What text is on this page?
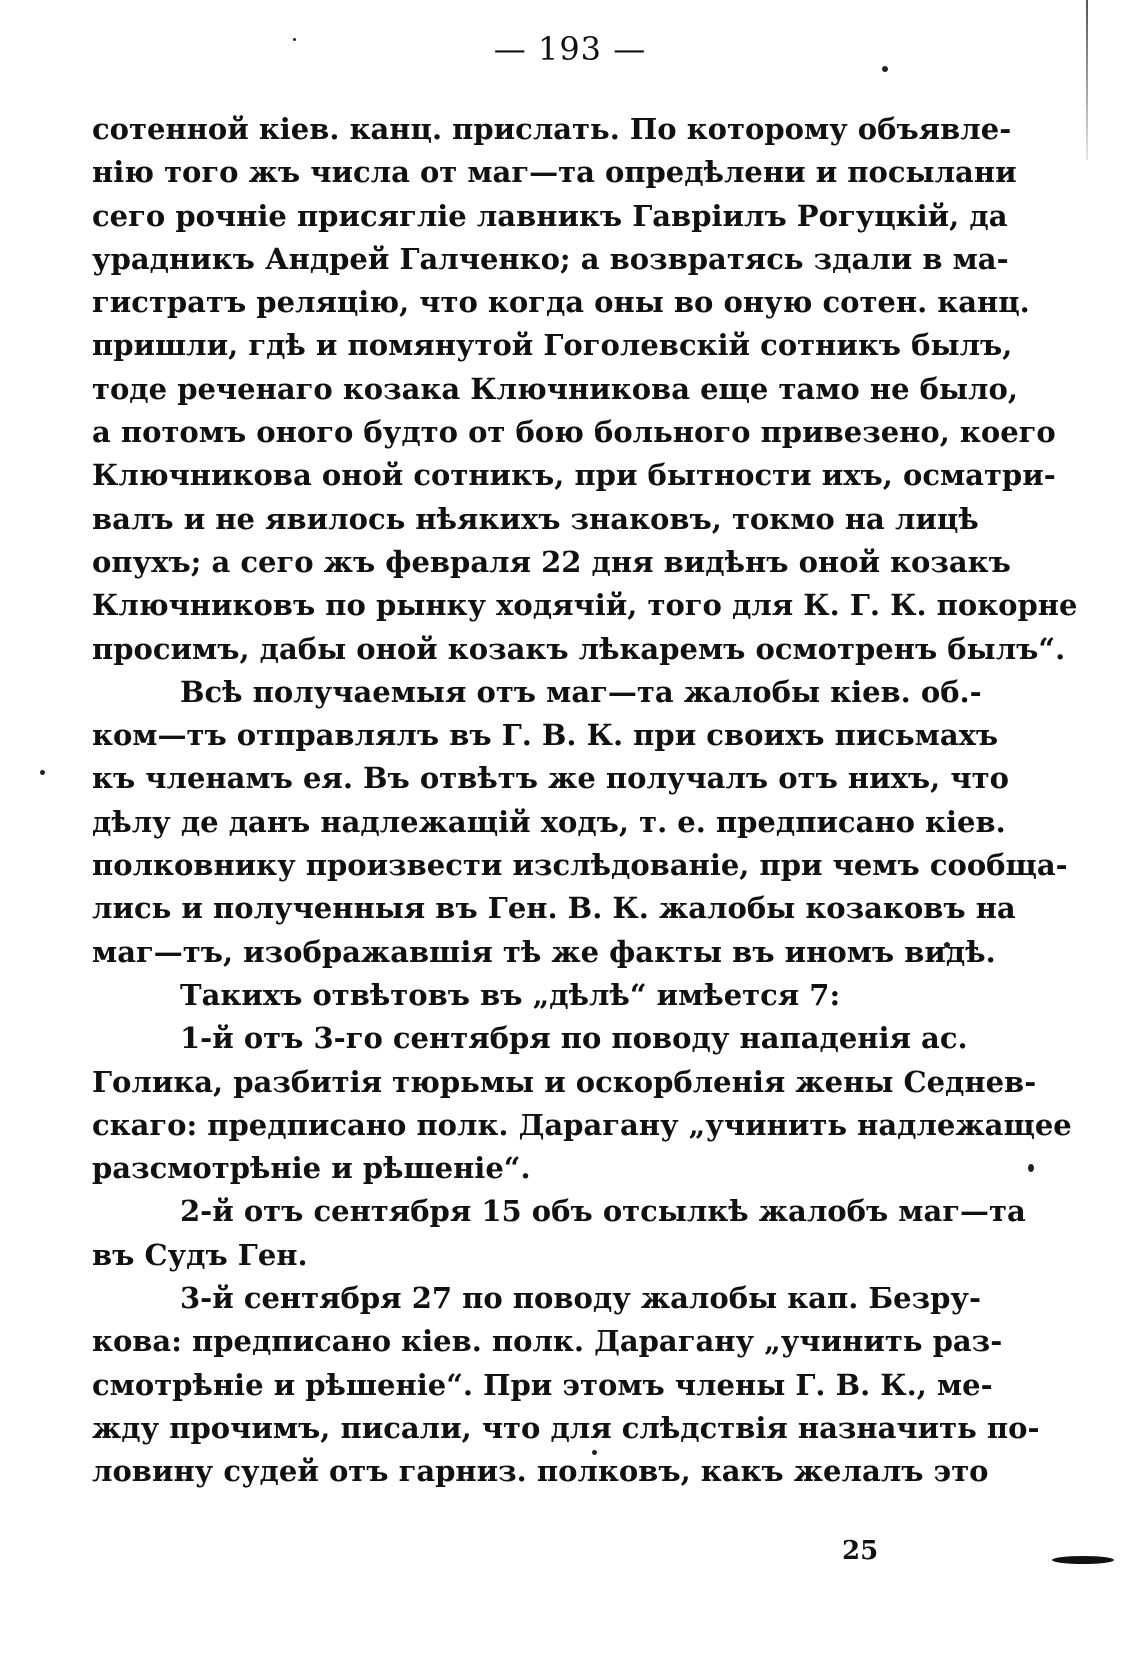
— 193 —
сотенной кіев. канц. прислать. По которому объявле-
нію того жъ числа от маг—та опредѣлени и посылани
сего рочніе присягліе лавникъ Гавріилъ Рогуцкій, да
урадникъ Андрей Галченко; а возвратясь здали в ма-
гистратъ реляцію, что когда оны во оную сотен. канц.
пришли, гдѣ и помянутой Гоголевскій сотникъ былъ,
тоде реченаго козака Ключникова еще тамо не было,
а потомъ оного будто от бою больного привезено, коего
Ключникова оной сотникъ, при бытности ихъ, осматри-
валъ и не явилось нѣякихъ знаковъ, токмо на лицѣ
опухъ; а сего жъ февраля 22 дня видѣнъ оной козакъ
Ключниковъ по рынку ходячій, того для К. Г. К. покорне
просимъ, дабы оной козакъ лѣкаремъ осмотренъ былъ“.
Всѣ получаемыя отъ маг—та жалобы кіев. об.-
ком—тъ отправлялъ въ Г. В. К. при своихъ письмахъ
къ членамъ ея. Въ отвѣтъ же получалъ отъ нихъ, что
дѣлу де данъ надлежащій ходъ, т. е. предписано кіев.
полковнику произвести изслѣдованіе, при чемъ сообща-
лись и полученныя въ Ген. В. К. жалобы козаковъ на
маг—тъ, изображавшія тѣ же факты въ иномъ видѣ.
Такихъ отвѣтовъ въ „дѣлѣ“ имѣется 7:
1-й отъ 3-го сентября по поводу нападенія ас.
Голика, разбитія тюрьмы и оскорбленія жены Седнев-
скаго: предписано полк. Дарагану „учинить надлежащее
разсмотрѣніе и рѣшеніе“.
2-й отъ сентября 15 объ отсылкѣ жалобъ маг—та
въ Судъ Ген.
3-й сентября 27 по поводу жалобы кап. Безру-
кова: предписано кіев. полк. Дарагану „учинить раз-
смотрѣніе и рѣшеніе“. При этомъ члены Г. В. К., ме-
жду прочимъ, писали, что для слѣдствія назначить по-
ловину судей отъ гарниз. полковъ, какъ желалъ это
25
